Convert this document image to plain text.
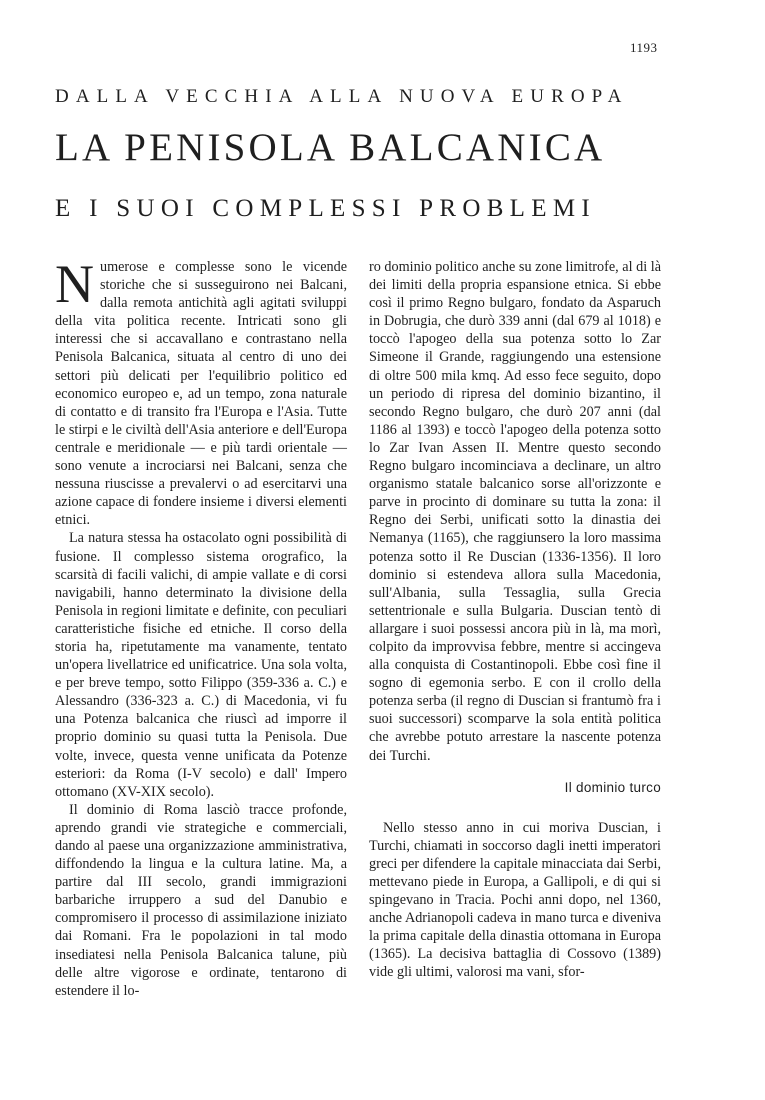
1193
DALLA VECCHIA ALLA NUOVA EUROPA
LA PENISOLA BALCANICA
E I SUOI COMPLESSI PROBLEMI

Numerose e complesse sono le vicende storiche che si susseguirono nei Balcani, dalla remota antichità agli agitati sviluppi della vita politica recente. Intricati sono gli interessi che si accavallano e contrastano nella Penisola Balcanica, situata al centro di uno dei settori più delicati per l'equilibrio politico ed economico europeo e, ad un tempo, zona naturale di contatto e di transito fra l'Europa e l'Asia. Tutte le stirpi e le civiltà dell'Asia anteriore e dell'Europa centrale e meridionale — e più tardi orientale — sono venute a incrociarsi nei Balcani, senza che nessuna riuscisse a prevalervi o ad esercitarvi una azione capace di fondere insieme i diversi elementi etnici.

La natura stessa ha ostacolato ogni possibilità di fusione. Il complesso sistema orografico, la scarsità di facili valichi, di ampie vallate e di corsi navigabili, hanno determinato la divisione della Penisola in regioni limitate e definite, con peculiari caratteristiche fisiche ed etniche. Il corso della storia ha, ripetutamente ma vanamente, tentato un'opera livellatrice ed unificatrice. Una sola volta, e per breve tempo, sotto Filippo (359-336 a. C.) e Alessandro (336-323 a. C.) di Macedonia, vi fu una Potenza balcanica che riuscì ad imporre il proprio dominio su quasi tutta la Penisola. Due volte, invece, questa venne unificata da Potenze esteriori: da Roma (I-V secolo) e dall' Impero ottomano (XV-XIX secolo).

Il dominio di Roma lasciò tracce profonde, aprendo grandi vie strategiche e commerciali, dando al paese una organizzazione amministrativa, diffondendo la lingua e la cultura latine. Ma, a partire dal III secolo, grandi immigrazioni barbariche irruppero a sud del Danubio e compromisero il processo di assimilazione iniziato dai Romani. Fra le popolazioni in tal modo insediatesi nella Penisola Balcanica talune, più delle altre vigorose e ordinate, tentarono di estendere il lo-

ro dominio politico anche su zone limitrofe, al di là dei limiti della propria espansione etnica. Si ebbe così il primo Regno bulgaro, fondato da Asparuch in Dobrugia, che durò 339 anni (dal 679 al 1018) e toccò l'apogeo della sua potenza sotto lo Zar Simeone il Grande, raggiungendo una estensione di oltre 500 mila kmq. Ad esso fece seguito, dopo un periodo di ripresa del dominio bizantino, il secondo Regno bulgaro, che durò 207 anni (dal 1186 al 1393) e toccò l'apogeo della potenza sotto lo Zar Ivan Assen II. Mentre questo secondo Regno bulgaro incominciava a declinare, un altro organismo statale balcanico sorse all'orizzonte e parve in procinto di dominare su tutta la zona: il Regno dei Serbi, unificati sotto la dinastia dei Nemanya (1165), che raggiunsero la loro massima potenza sotto il Re Duscian (1336-1356). Il loro dominio si estendeva allora sulla Macedonia, sull'Albania, sulla Tessaglia, sulla Grecia settentrionale e sulla Bulgaria. Duscian tentò di allargare i suoi possessi ancora più in là, ma morì, colpito da improvvisa febbre, mentre si accingeva alla conquista di Costantinopoli. Ebbe così fine il sogno di egemonia serbo. E con il crollo della potenza serba (il regno di Duscian si frantumò fra i suoi successori) scomparve la sola entità politica che avrebbe potuto arrestare la nascente potenza dei Turchi.

Il dominio turco

Nello stesso anno in cui moriva Duscian, i Turchi, chiamati in soccorso dagli inetti imperatori greci per difendere la capitale minacciata dai Serbi, mettevano piede in Europa, a Gallipoli, e di qui si spingevano in Tracia. Pochi anni dopo, nel 1360, anche Adrianopoli cadeva in mano turca e diveniva la prima capitale della dinastia ottomana in Europa (1365). La decisiva battaglia di Cossovo (1389) vide gli ultimi, valorosi ma vani, sfor-
